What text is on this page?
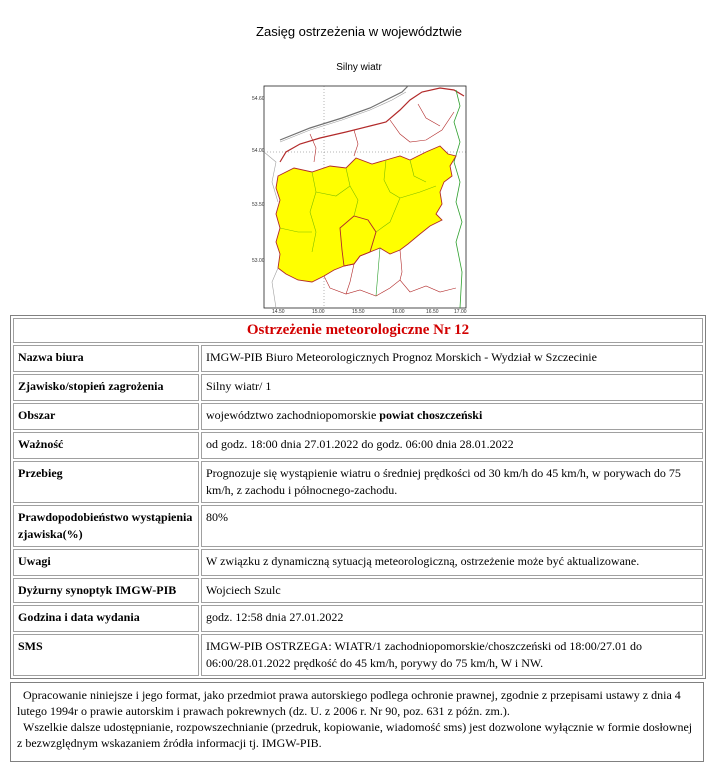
Zasięg ostrzeżenia w województwie
Silny wiatr
54.60
54.00
53.50
53.00
14.50	15.00	15.50	16.00	16.50	17.00
Ostrzeżenie meteorologiczne Nr 12	
Nazwa biura	IMGW-PIB Biuro Meteorologicznych Prognoz Morskich - Wydział w Szczecinie
Zjawisko/stopień zagrożenia	Silny wiatr/ 1
Obszar	województwo zachodniopomorskie powiat choszczeński
Ważność	od godz. 18:00 dnia 27.01.2022 do godz. 06:00 dnia 28.01.2022
Przebieg	Prognozuje się wystąpienie wiatru o średniej prędkości od 30 km/h do 45 km/h, w porywach do 75 km/h, z zachodu i północnego-zachodu.
Prawdopodobieństwo wystąpienia zjawiska(%)	80%
Uwagi	W związku z dynamiczną sytuacją meteorologiczną, ostrzeżenie może być aktualizowane.
Dyżurny synoptyk IMGW-PIB	Wojciech Szulc
Godzina i data wydania	godz. 12:58 dnia 27.01.2022
SMS	IMGW-PIB OSTRZEGA: WIATR/1 zachodniopomorskie/choszczeński od 18:00/27.01 do 06:00/28.01.2022 prędkość do 45 km/h, porywy do 75 km/h, W i NW.
Opracowanie niniejsze i jego format, jako przedmiot prawa autorskiego podlega ochronie prawnej, zgodnie z przepisami ustawy z dnia 4 lutego 1994r o prawie autorskim i prawach pokrewnych (dz. U. z 2006 r. Nr 90, poz. 631 z późn. zm.).
Wszelkie dalsze udostępnianie, rozpowszechnianie (przedruk, kopiowanie, wiadomość sms) jest dozwolone wyłącznie w formie dosłownej z bezwzględnym wskazaniem źródła informacji tj. IMGW-PIB.
